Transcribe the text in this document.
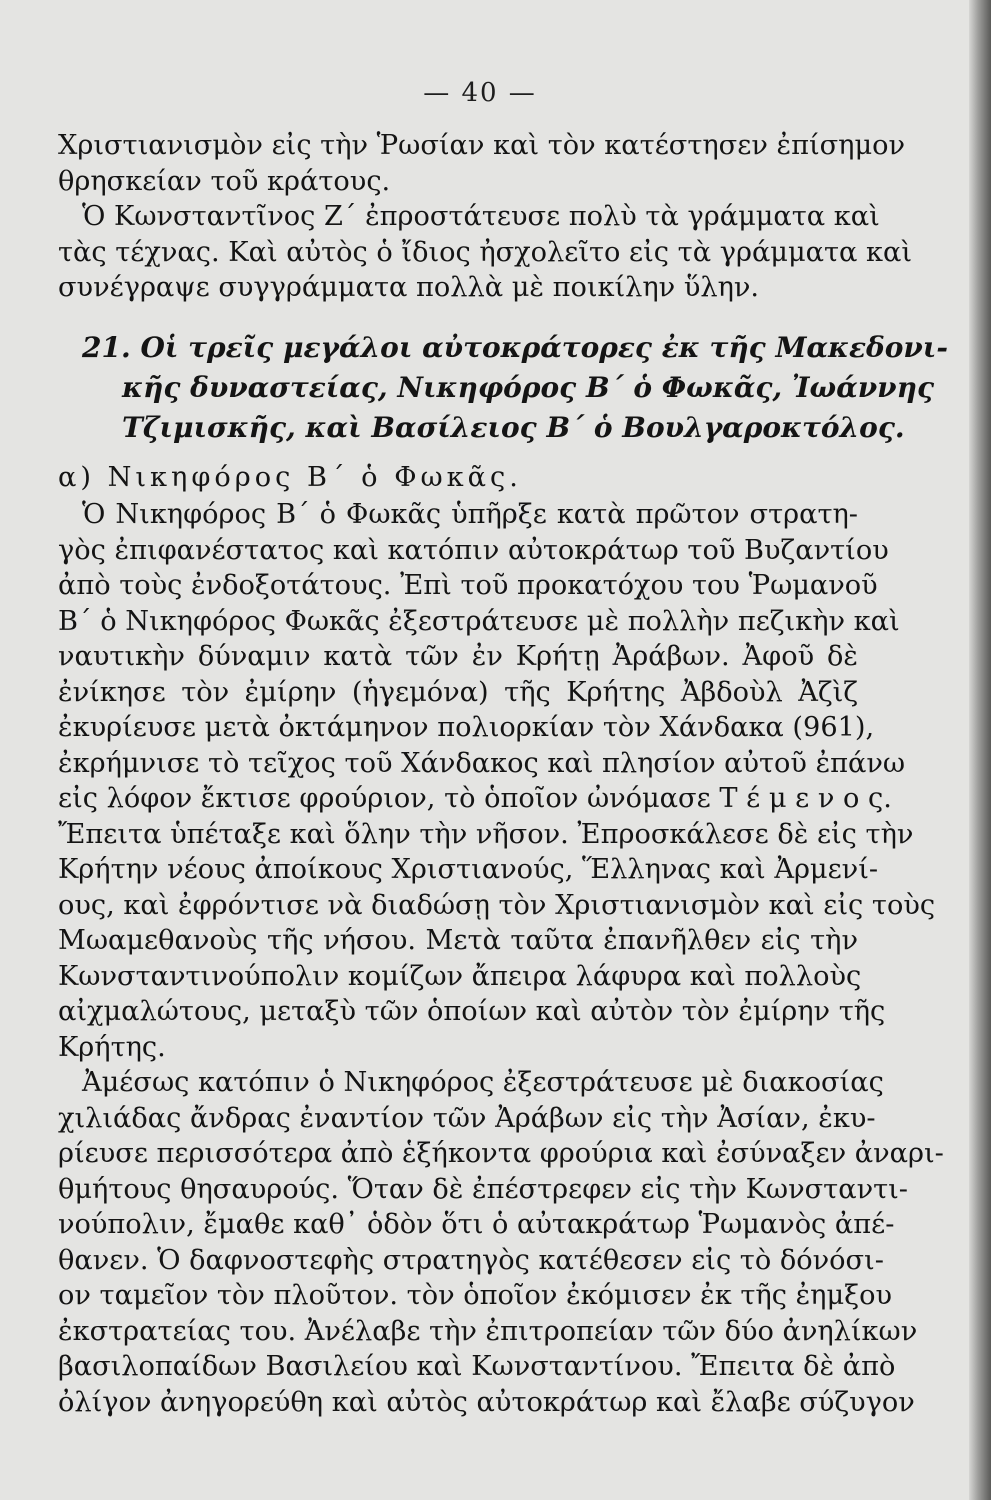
— 40 —
Χριστιανισμὸν εἰς τὴν Ῥωσίαν καὶ τὸν κατέστησεν ἐπίσημον
θρησκείαν τοῦ κράτους.
Ὁ Κωνσταντῖνος Ζ΄ ἐπροστάτευσε πολὺ τὰ γράμματα καὶ
τὰς τέχνας. Καὶ αὐτὸς ὁ ἴδιος ἠσχολεῖτο εἰς τὰ γράμματα καὶ
συνέγραψε συγγράμματα πολλὰ μὲ ποικίλην ὕλην.
21. Οἱ τρεῖς μεγάλοι αὐτοκράτορες ἐκ τῆς Μακεδονι-
κῆς δυναστείας, Νικηφόρος Β΄ ὁ Φωκᾶς, Ἰωάννης
Τζιμισκῆς, καὶ Βασίλειος Β΄ ὁ Βουλγαροκτόλος.
α) Νικηφόρος Β΄ ὁ Φωκᾶς.
Ὁ Νικηφόρος Β΄ ὁ Φωκᾶς ὑπῆρξε κατὰ πρῶτον στρατη-
γὸς ἐπιφανέστατος καὶ κατόπιν αὐτοκράτωρ τοῦ Βυζαντίου
ἀπὸ τοὺς ἐνδοξοτάτους. Ἐπὶ τοῦ προκατόχου του Ῥωμανοῦ
Β΄ ὁ Νικηφόρος Φωκᾶς ἐξεστράτευσε μὲ πολλὴν πεζικὴν καὶ
ναυτικὴν δύναμιν κατὰ τῶν ἐν Κρήτῃ Ἀράβων. Ἀφοῦ δὲ
ἐνίκησε τὸν ἐμίρην (ἡγεμόνα) τῆς Κρήτης Ἀβδοὺλ Ἀζὶζ
ἐκυρίευσε μετὰ ὀκτάμηνον πολιορκίαν τὸν Χάνδακα (961),
ἐκρήμνισε τὸ τεῖχος τοῦ Χάνδακος καὶ πλησίον αὐτοῦ ἐπάνω
εἰς λόφον ἔκτισε φρούριον, τὸ ὁποῖον ὠνόμασε Τ έ μ ε ν ο ς.
Ἔπειτα ὑπέταξε καὶ ὅλην τὴν νῆσον. Ἐπροσκάλεσε δὲ εἰς τὴν
Κρήτην νέους ἀποίκους Χριστιανούς, Ἕλληνας καὶ Ἀρμενί-
ους, καὶ ἐφρόντισε νὰ διαδώσῃ τὸν Χριστιανισμὸν καὶ εἰς τοὺς
Μωαμεθανοὺς τῆς νήσου. Μετὰ ταῦτα ἐπανῆλθεν εἰς τὴν
Κωνσταντινούπολιν κομίζων ἄπειρα λάφυρα καὶ πολλοὺς
αἰχμαλώτους, μεταξὺ τῶν ὁποίων καὶ αὐτὸν τὸν ἐμίρην τῆς
Κρήτης.
Ἀμέσως κατόπιν ὁ Νικηφόρος ἐξεστράτευσε μὲ διακοσίας
χιλιάδας ἄνδρας ἐναντίον τῶν Ἀράβων εἰς τὴν Ἀσίαν, ἐκυ-
ρίευσε περισσότερα ἀπὸ ἑξήκοντα φρούρια καὶ ἐσύναξεν ἀναρι-
θμήτους θησαυρούς. Ὅταν δὲ ἐπέστρεφεν εἰς τὴν Κωνσταντι-
νούπολιν, ἔμαθε καθ᾿ ὁδὸν ὅτι ὁ αὐτακράτωρ Ῥωμανὸς ἀπέ-
θανεν. Ὁ δαφνοστεφὴς στρατηγὸς κατέθεσεν εἰς τὸ δόνόσι-
ον ταμεῖον τὸν πλοῦτον. τὸν ὁποῖον ἐκόμισεν ἐκ τῆς ἐημξου
ἐκστρατείας του. Ἀνέλαβε τὴν ἐπιτροπείαν τῶν δύο ἀνηλίκων
βασιλοπαίδων Βασιλείου καὶ Κωνσταντίνου. Ἔπειτα δὲ ἀπὸ
ὀλίγον ἀνηγορεύθη καὶ αὐτὸς αὐτοκράτωρ καὶ ἔλαβε σύζυγον
